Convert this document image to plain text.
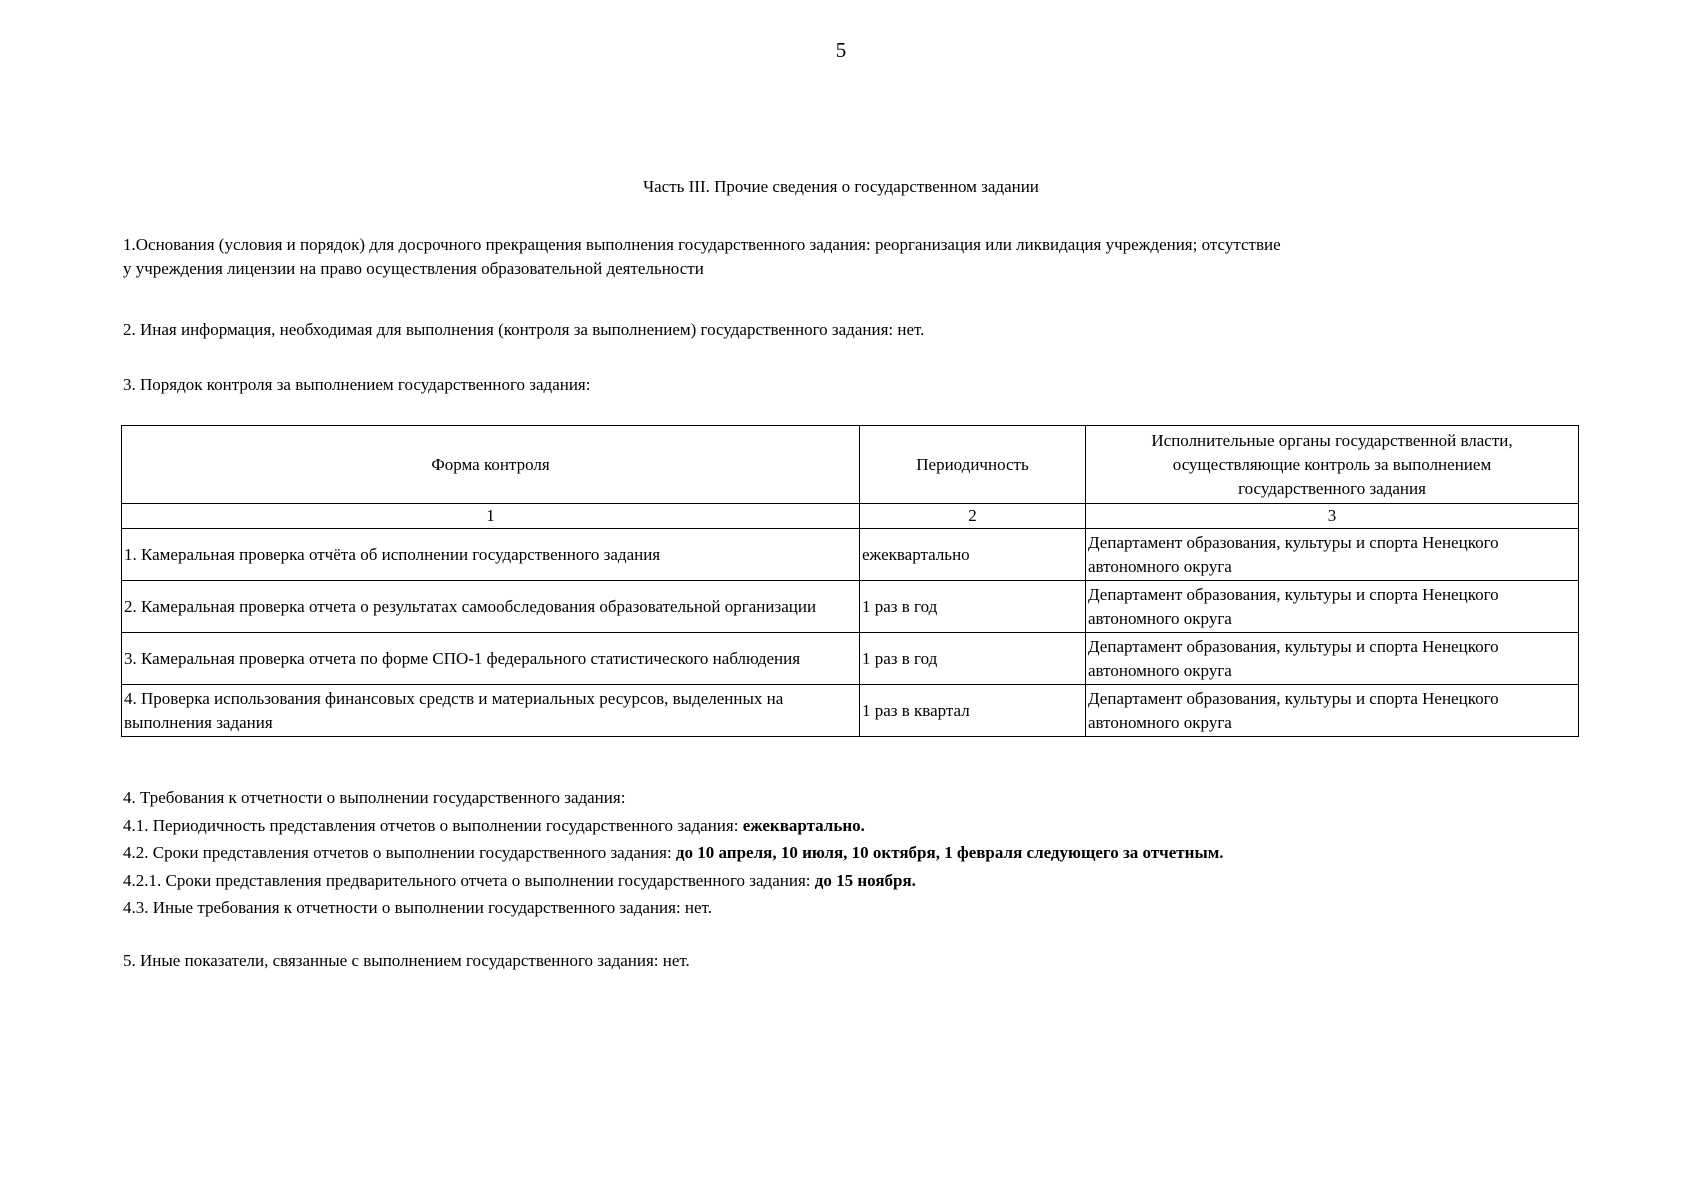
5
Часть III. Прочие сведения о государственном задании
1.Основания (условия и порядок) для досрочного прекращения выполнения государственного задания: реорганизация или ликвидация учреждения; отсутствие
у учреждения лицензии на право осуществления образовательной деятельности
2. Иная информация, необходимая для выполнения (контроля за выполнением) государственного задания: нет.
3. Порядок контроля за выполнением государственного задания:
Форма контроля	Периодичность	Исполнительные органы государственной власти, осуществляющие контроль за выполнением государственного задания
1	2	3
1. Камеральная проверка отчёта об исполнении государственного задания	ежеквартально	Департамент образования, культуры и спорта Ненецкого автономного округа
2. Камеральная проверка отчета о результатах самообследования образовательной организации	1 раз в год	Департамент образования, культуры и спорта Ненецкого автономного округа
3. Камеральная проверка отчета по форме СПО-1 федерального статистического наблюдения	1 раз в год	Департамент образования, культуры и спорта Ненецкого автономного округа
4. Проверка использования финансовых средств и материальных ресурсов, выделенных на выполнения задания	1 раз в квартал	Департамент образования, культуры и спорта Ненецкого автономного округа
4. Требования к отчетности о выполнении государственного задания:
4.1. Периодичность представления отчетов о выполнении государственного задания: ежеквартально.
4.2. Сроки представления отчетов о выполнении государственного задания: до 10 апреля, 10 июля, 10 октября, 1 февраля следующего за отчетным.
4.2.1. Сроки представления предварительного отчета о выполнении государственного задания: до 15 ноября.
4.3. Иные требования к отчетности о выполнении государственного задания: нет.
5. Иные показатели, связанные с выполнением государственного задания: нет.
